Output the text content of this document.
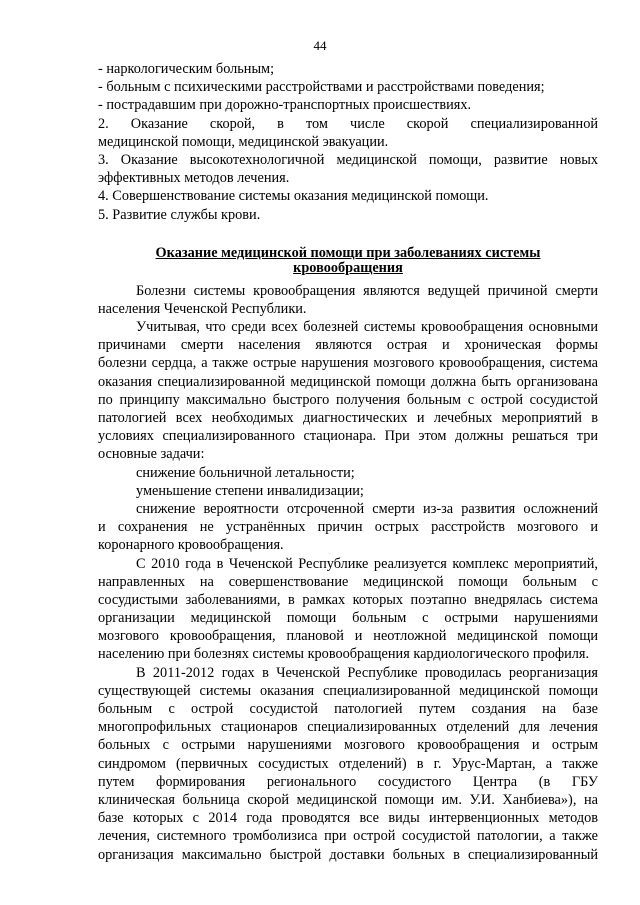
44
- наркологическим больным;
- больным с психическими расстройствами и расстройствами поведения;
- пострадавшим при дорожно-транспортных происшествиях.
2. Оказание скорой, в том числе скорой специализированной
медицинской помощи, медицинской эвакуации.
3. Оказание высокотехнологичной медицинской помощи, развитие новых
эффективных методов лечения.
4. Совершенствование системы оказания медицинской помощи.
5. Развитие службы крови.
Оказание медицинской помощи при заболеваниях системы
кровообращения
Болезни системы кровообращения являются ведущей причиной смерти
населения Чеченской Республики.
Учитывая, что среди всех болезней системы кровообращения основными
причинами смерти населения являются острая и хроническая формы
болезни сердца, а также острые нарушения мозгового кровообращения, система
оказания специализированной медицинской помощи должна быть организована
по принципу максимально быстрого получения больным с острой сосудистой
патологией всех необходимых диагностических и лечебных мероприятий в
условиях специализированного стационара. При этом должны решаться три
основные задачи:
снижение больничной летальности;
уменьшение степени инвалидизации;
снижение вероятности отсроченной смерти из-за развития осложнений
и сохранения не устранённых причин острых расстройств мозгового и
коронарного кровообращения.
С 2010 года в Чеченской Республике реализуется комплекс мероприятий,
направленных на совершенствование медицинской помощи больным с
сосудистыми заболеваниями, в рамках которых поэтапно внедрялась система
организации медицинской помощи больным с острыми нарушениями
мозгового кровообращения, плановой и неотложной медицинской помощи
населению при болезнях системы кровообращения кардиологического профиля.
В 2011-2012 годах в Чеченской Республике проводилась реорганизация
существующей системы оказания специализированной медицинской помощи
больным с острой сосудистой патологией путем создания на базе
многопрофильных стационаров специализированных отделений для лечения
больных с острыми нарушениями мозгового кровообращения и острым
синдромом (первичных сосудистых отделений) в г. Урус-Мартан, а также
путем формирования регионального сосудистого Центра (в ГБУ
клиническая больница скорой медицинской помощи им. У.И. Ханбиева»), на
базе которых с 2014 года проводятся все виды интервенционных методов
лечения, системного тромболизиса при острой сосудистой патологии, а также
организация максимально быстрой доставки больных в специализированный
